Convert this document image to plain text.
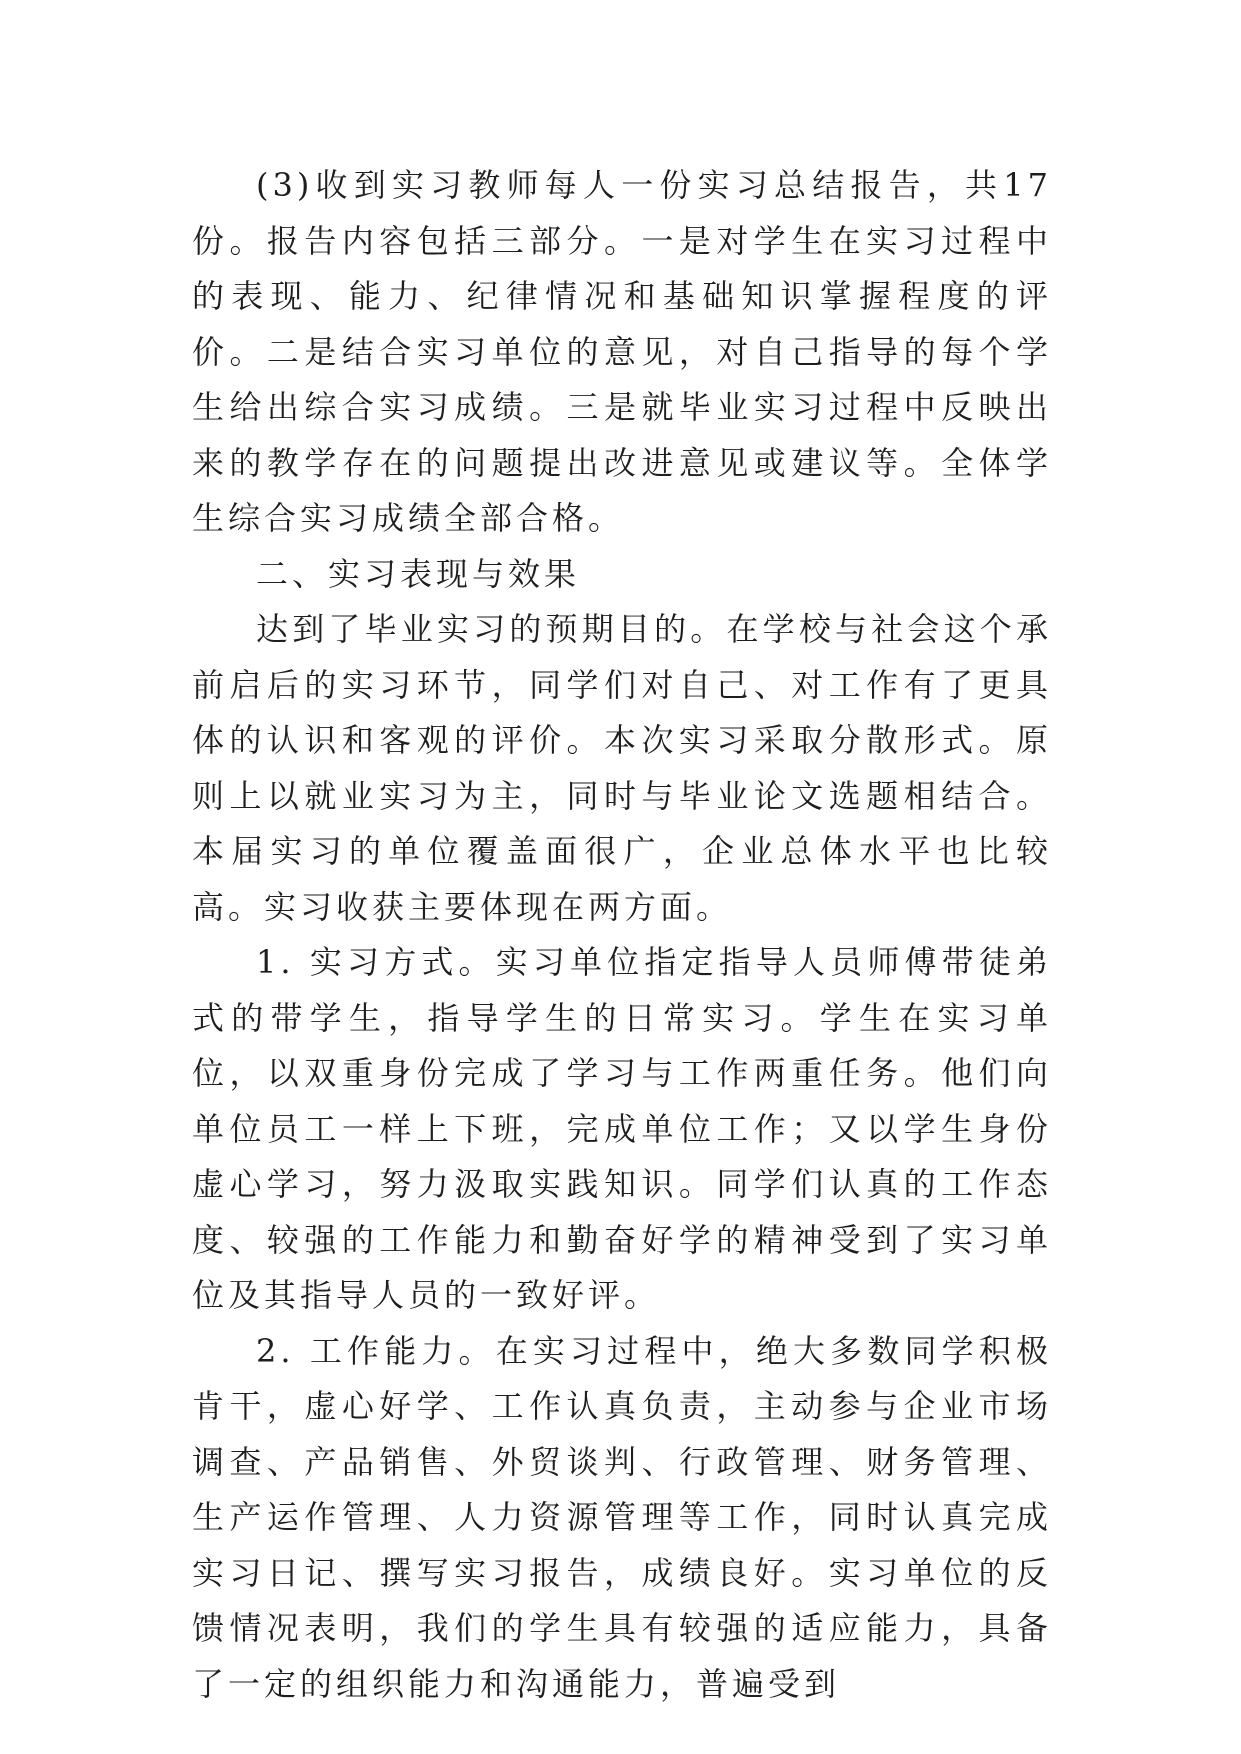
(3)收到实习教师每人一份实习总结报告，共17份。报告内容包括三部分。一是对学生在实习过程中的表现、能力、纪律情况和基础知识掌握程度的评价。二是结合实习单位的意见，对自己指导的每个学生给出综合实习成绩。三是就毕业实习过程中反映出来的教学存在的问题提出改进意见或建议等。全体学生综合实习成绩全部合格。

二、实习表现与效果

达到了毕业实习的预期目的。在学校与社会这个承前启后的实习环节，同学们对自己、对工作有了更具体的认识和客观的评价。本次实习采取分散形式。原则上以就业实习为主，同时与毕业论文选题相结合。本届实习的单位覆盖面很广，企业总体水平也比较高。实习收获主要体现在两方面。

1. 实习方式。实习单位指定指导人员师傅带徒弟式的带学生，指导学生的日常实习。学生在实习单位，以双重身份完成了学习与工作两重任务。他们向单位员工一样上下班，完成单位工作；又以学生身份虚心学习，努力汲取实践知识。同学们认真的工作态度、较强的工作能力和勤奋好学的精神受到了实习单位及其指导人员的一致好评。

2. 工作能力。在实习过程中，绝大多数同学积极肯干，虚心好学、工作认真负责，主动参与企业市场调查、产品销售、外贸谈判、行政管理、财务管理、生产运作管理、人力资源管理等工作，同时认真完成实习日记、撰写实习报告，成绩良好。实习单位的反馈情况表明，我们的学生具有较强的适应能力，具备了一定的组织能力和沟通能力，普遍受到
